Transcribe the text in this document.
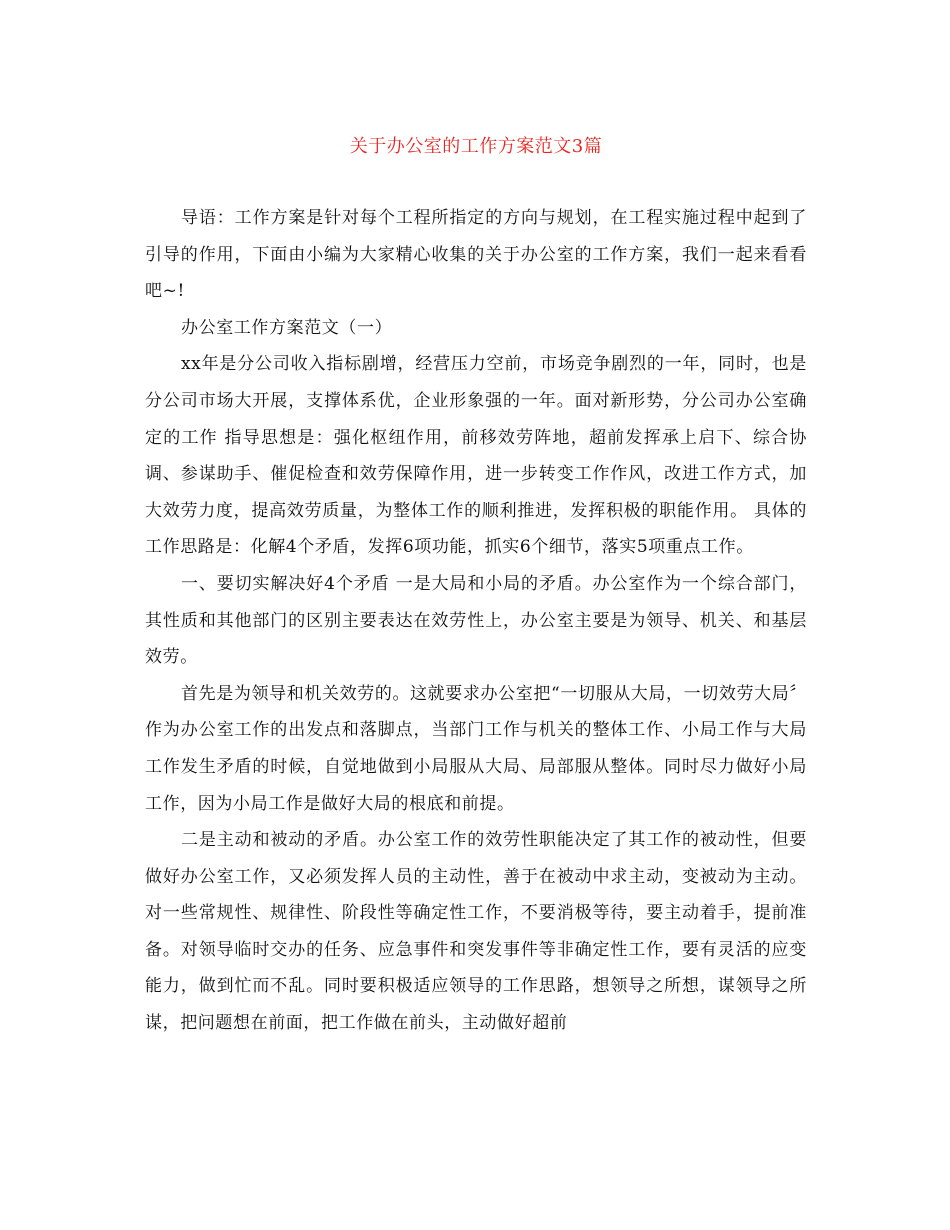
关于办公室的工作方案范文3篇

导语：工作方案是针对每个工程所指定的方向与规划，在工程实施过程中起到了引导的作用，下面由小编为大家精心收集的关于办公室的工作方案，我们一起来看看吧~!

办公室工作方案范文（一）

xx年是分公司收入指标剧增，经营压力空前，市场竞争剧烈的一年，同时，也是分公司市场大开展，支撑体系优，企业形象强的一年。面对新形势，分公司办公室确定的工作 指导思想是：强化枢纽作用，前移效劳阵地，超前发挥承上启下、综合协调、参谋助手、催促检查和效劳保障作用，进一步转变工作作风，改进工作方式，加大效劳力度，提高效劳质量，为整体工作的顺利推进，发挥积极的职能作用。 具体的工作思路是：化解4个矛盾，发挥6项功能，抓实6个细节，落实5项重点工作。

一、要切实解决好4个矛盾 一是大局和小局的矛盾。办公室作为一个综合部门，其性质和其他部门的区别主要表达在效劳性上，办公室主要是为领导、机关、和基层效劳。

首先是为领导和机关效劳的。这就要求办公室把“一切服从大局，一切效劳大局〞作为办公室工作的出发点和落脚点，当部门工作与机关的整体工作、小局工作与大局工作发生矛盾的时候，自觉地做到小局服从大局、局部服从整体。同时尽力做好小局工作，因为小局工作是做好大局的根底和前提。

二是主动和被动的矛盾。办公室工作的效劳性职能决定了其工作的被动性，但要做好办公室工作，又必须发挥人员的主动性，善于在被动中求主动，变被动为主动。对一些常规性、规律性、阶段性等确定性工作，不要消极等待，要主动着手，提前准备。对领导临时交办的任务、应急事件和突发事件等非确定性工作，要有灵活的应变能力，做到忙而不乱。同时要积极适应领导的工作思路，想领导之所想，谋领导之所谋，把问题想在前面，把工作做在前头，主动做好超前
